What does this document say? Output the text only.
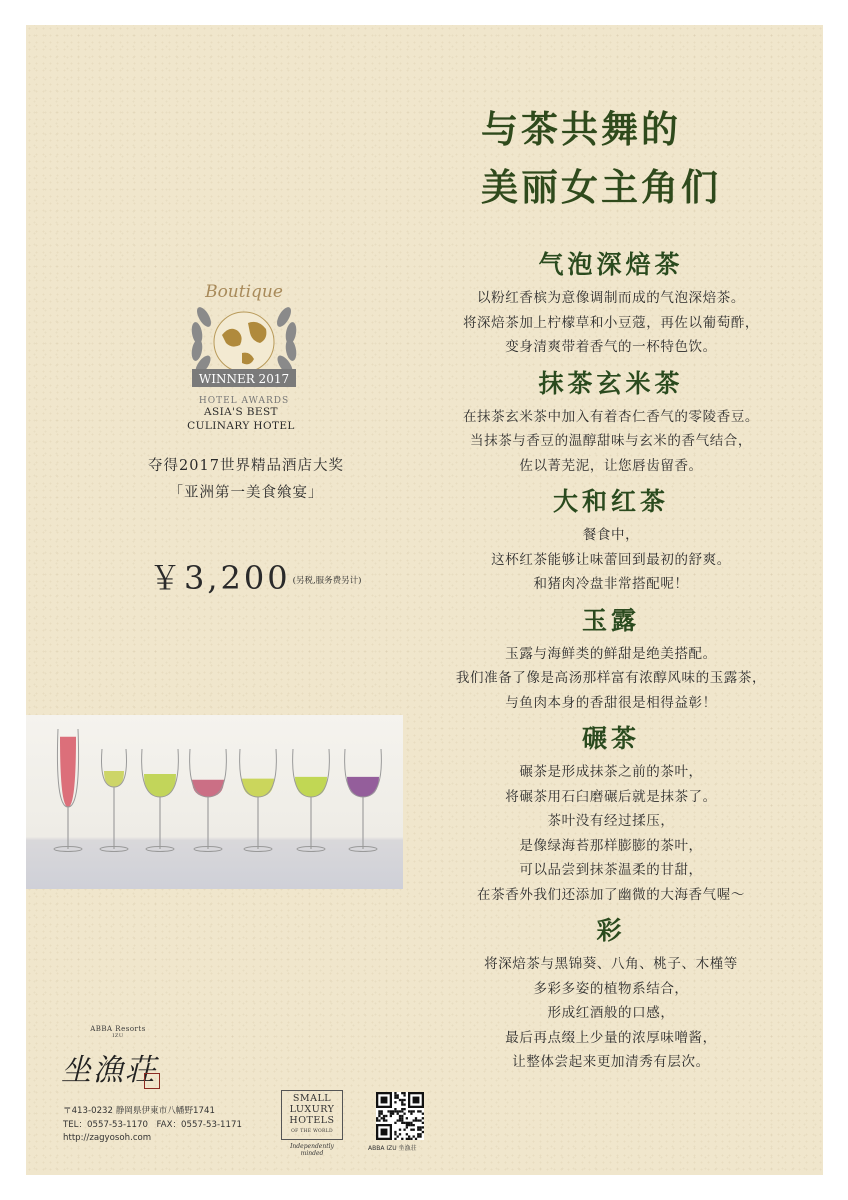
与茶共舞的
美丽女主角们
气泡深焙茶
以粉红香槟为意像调制而成的气泡深焙茶。
将深焙茶加上柠檬草和小豆蔻，再佐以葡萄酢，
变身清爽带着香气的一杯特色饮。
抹茶玄米茶
在抹茶玄米茶中加入有着杏仁香气的零陵香豆。
当抹茶与香豆的温醇甜味与玄米的香气结合，
佐以菁芜泥，让您唇齿留香。
大和红茶
餐食中，
这杯红茶能够让味蕾回到最初的舒爽。
和猪肉冷盘非常搭配呢！
玉露
玉露与海鲜类的鲜甜是绝美搭配。
我们准备了像是高汤那样富有浓醇风味的玉露茶，
与鱼肉本身的香甜很是相得益彰！
碾茶
碾茶是形成抹茶之前的茶叶，
将碾茶用石臼磨碾后就是抹茶了。
茶叶没有经过揉压，
是像绿海苔那样膨膨的茶叶，
可以品尝到抹茶温柔的甘甜，
在茶香外我们还添加了幽微的大海香气喔～
彩
将深焙茶与黑锦葵、八角、桃子、木槿等
多彩多姿的植物系结合，
形成红酒般的口感，
最后再点缀上少量的浓厚味噌酱，
让整体尝起来更加清秀有层次。
Boutique
WINNER 2017
HOTEL AWARDS
ASIA'S BEST
CULINARY HOTEL
夺得2017世界精品酒店大奖
「亚洲第一美食飨宴」
￥3,200 $^{(另税,服务费另计)}$
ABBA Resorts
IZU
坐漁荘
〒413-0232 静岡県伊東市八幡野1741
TEL：0557-53-1170　FAX：0557-53-1171
http://zagyosoh.com
SMALL
LUXURY
HOTELS
OF THE WORLD
Independently minded
ABBA IZU 坐漁荘
